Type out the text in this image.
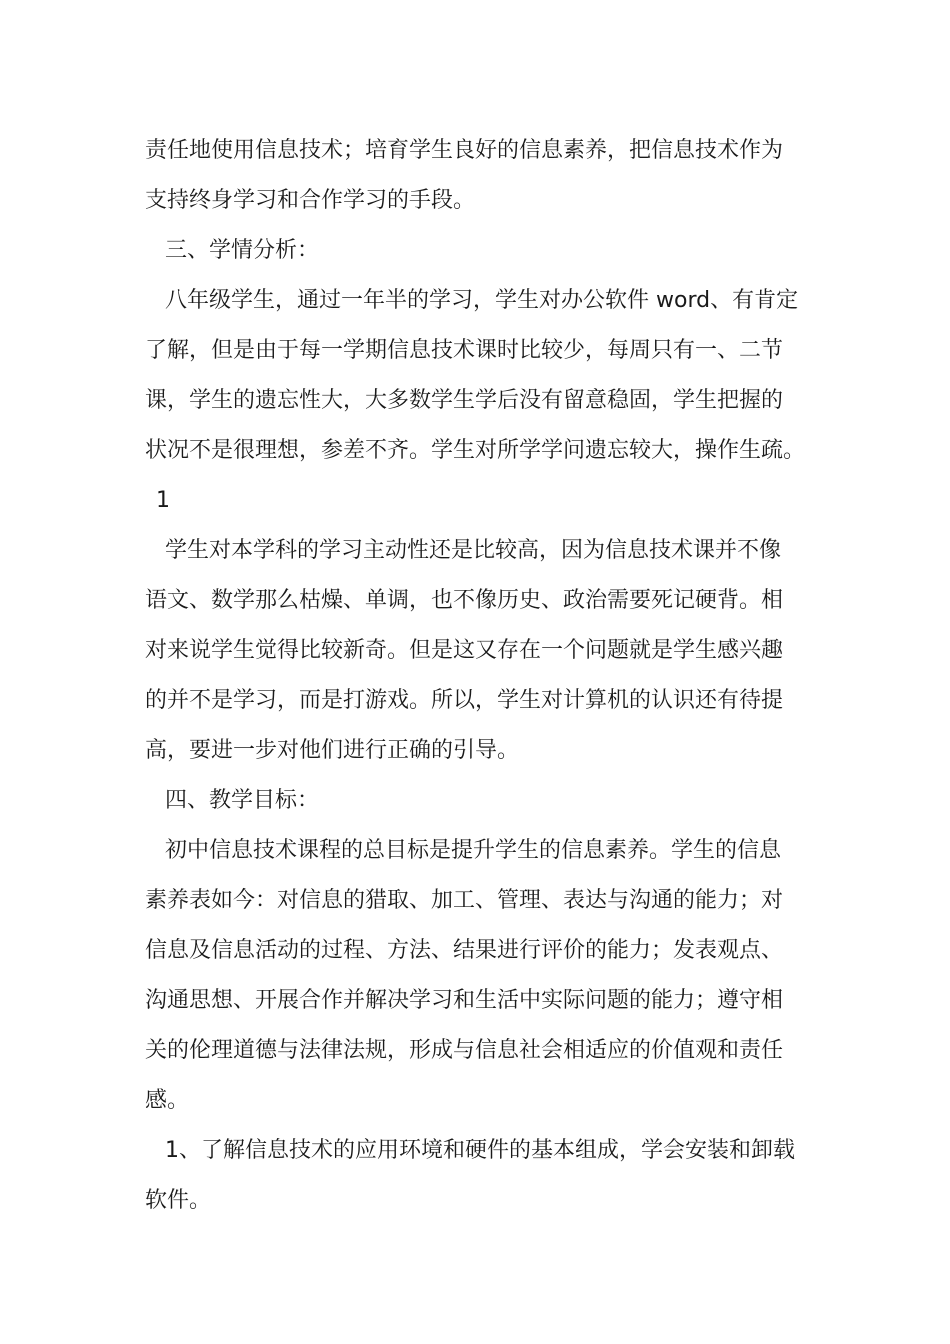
责任地使用信息技术；培育学生良好的信息素养，把信息技术作为
支持终身学习和合作学习的手段。
三、学情分析：
八年级学生，通过一年半的学习，学生对办公软件 word、有肯定
了解，但是由于每一学期信息技术课时比较少，每周只有一、二节
课，学生的遗忘性大，大多数学生学后没有留意稳固，学生把握的
状况不是很理想，参差不齐。学生对所学学问遗忘较大，操作生疏。
1
学生对本学科的学习主动性还是比较高，因为信息技术课并不像
语文、数学那么枯燥、单调，也不像历史、政治需要死记硬背。相
对来说学生觉得比较新奇。但是这又存在一个问题就是学生感兴趣
的并不是学习，而是打游戏。所以，学生对计算机的认识还有待提
高，要进一步对他们进行正确的引导。
四、教学目标：
初中信息技术课程的总目标是提升学生的信息素养。学生的信息
素养表如今：对信息的猎取、加工、管理、表达与沟通的能力；对
信息及信息活动的过程、方法、结果进行评价的能力；发表观点、
沟通思想、开展合作并解决学习和生活中实际问题的能力；遵守相
关的伦理道德与法律法规，形成与信息社会相适应的价值观和责任
感。
1、了解信息技术的应用环境和硬件的基本组成，学会安装和卸载
软件。
